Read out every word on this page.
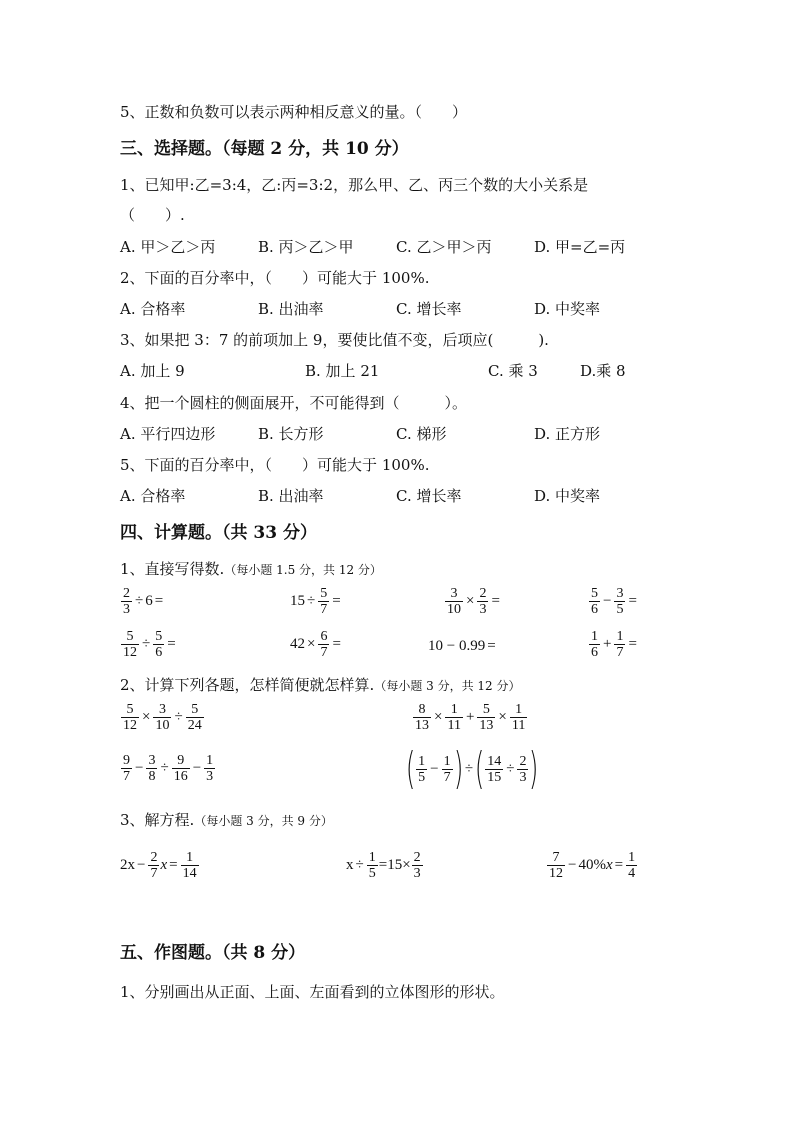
5、正数和负数可以表示两种相反意义的量。（　　）
三、选择题。（每题 2 分，共 10 分）
1、已知甲:乙=3:4，乙:丙=3:2，那么甲、乙、丙三个数的大小关系是
（　　）.
A. 甲＞乙＞丙	B. 丙＞乙＞甲	C. 乙＞甲＞丙	D. 甲=乙=丙
2、下面的百分率中，（　　）可能大于 100%.
A. 合格率	B. 出油率	C. 增长率	D. 中奖率
3、如果把 3：7 的前项加上 9，要使比值不变，后项应(　　　).
A. 加上 9	B. 加上 21	C. 乘 3	D.乘 8
4、把一个圆柱的侧面展开，不可能得到（　　　）。
A. 平行四边形	B. 长方形	C. 梯形	D. 正方形
5、下面的百分率中，（　　）可能大于 100%.
A. 合格率	B. 出油率	C. 增长率	D. 中奖率
四、计算题。（共 33 分）
1、直接写得数.（每小题 1.5 分，共 12 分）
$\frac{2}{3} \div 6$ =	$15 \div \frac{5}{7}$ =	$\frac{3}{10} \times \frac{2}{3}$ =	$\frac{5}{6} - \frac{3}{5}$ =
$\frac{5}{12} \div \frac{5}{6}$ =	$42 \times \frac{6}{7}$ =	10 − 0.99 =	$\frac{1}{6} + \frac{1}{7}$ =
2、计算下列各题，怎样简便就怎样算.（每小题 3 分，共 12 分）
$\frac{5}{12} \times \frac{3}{10} \div \frac{5}{24}$	$\frac{8}{13} \times \frac{1}{11} + \frac{5}{13} \times \frac{1}{11}$
$\frac{9}{7} - \frac{3}{8} \div \frac{9}{16} - \frac{1}{3}$	( $\frac{1}{5} - \frac{1}{7}$ ) ÷ ( $\frac{14}{15} \div \frac{2}{3}$ )
3、解方程.（每小题 3 分，共 9 分）
$2x - \frac{2}{7}$ $x = \frac{1}{14}$	$x \div \frac{1}{5} =15\times \frac{2}{3}$	$\frac{7}{12} - 40\%$ $x = \frac{1}{4}$
五、作图题。（共 8 分）
1、分别画出从正面、上面、左面看到的立体图形的形状。
